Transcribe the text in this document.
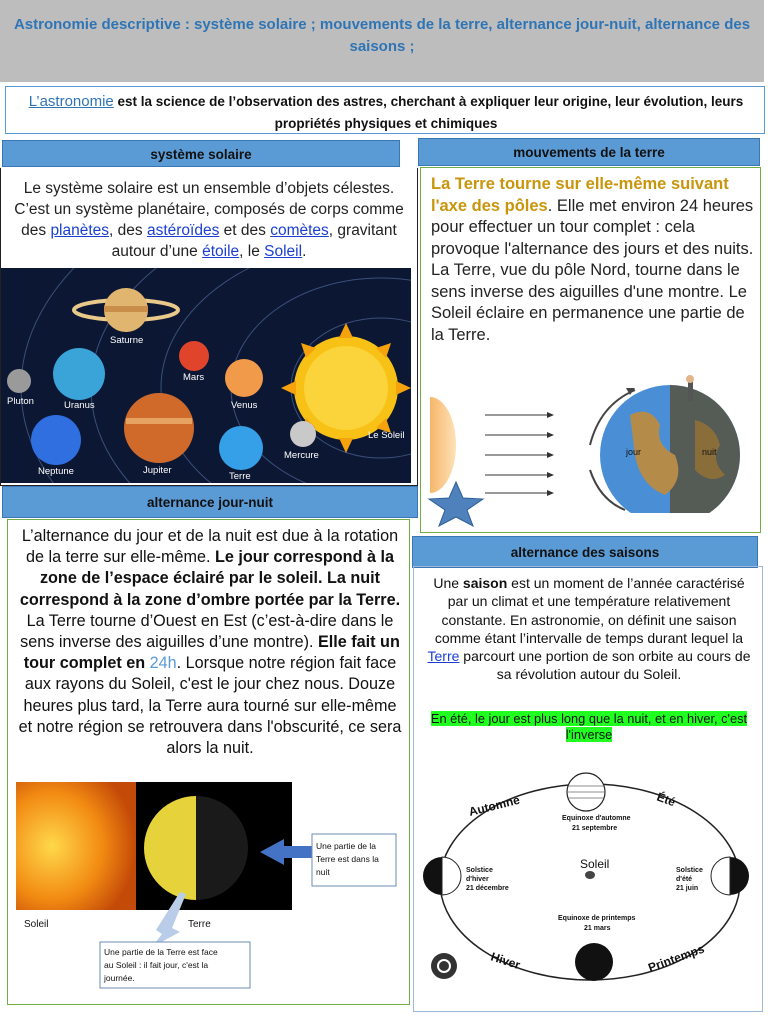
Astronomie descriptive : système solaire ; mouvements de la terre, alternance jour-nuit, alternance des saisons ;
L’astronomie est la science de l’observation des astres, cherchant à expliquer leur origine, leur évolution, leurs propriétés physiques et chimiques
système solaire	mouvements de la terre
Le système solaire est un ensemble d’objets célestes. C’est un système planétaire, composés de corps comme des planètes, des astéroïdes et des comètes, gravitant autour d’une étoile, le Soleil.
Saturne
Pluton	Uranus
Mars
Venus
Neptune	Jupiter
Terre
Mercure
Le Soleil
La Terre tourne sur elle-même suivant l'axe des pôles. Elle met environ 24 heures pour effectuer un tour complet : cela provoque l'alternance des jours et des nuits. La Terre, vue du pôle Nord, tourne dans le sens inverse des aiguilles d'une montre. Le Soleil éclaire en permanence une partie de la Terre.
jour	nuit
alternance jour-nuit
L’alternance du jour et de la nuit est due à la rotation de la terre sur elle-même. Le jour correspond à la zone de l’espace éclairé par le soleil. La nuit correspond à la zone d’ombre portée par la Terre. La Terre tourne d’Ouest en Est (c’est-à-dire dans le sens inverse des aiguilles d’une montre). Elle fait un tour complet en 24h. Lorsque notre région fait face aux rayons du Soleil, c'est le jour chez nous. Douze heures plus tard, la Terre aura tourné sur elle-même et notre région se retrouvera dans l'obscurité, ce sera alors la nuit.
Soleil	Terre
Une partie de la
Terre est dans la
nuit
Une partie de la Terre est face
au Soleil : il fait jour, c'est la
journée.
alternance des saisons
Une saison est un moment de l’année caractérisé par un climat et une température relativement constante. En astronomie, on définit une saison comme étant l’intervalle de temps durant lequel la Terre parcourt une portion de son orbite au cours de sa révolution autour du Soleil.
En été, le jour est plus long que la nuit, et en hiver, c'est l'inverse
Soleil
Automne	Été
Hiver	Printemps
Equinoxe d'automne
21 septembre
Solstice
d'hiver
21 décembre
Solstice
d'été
21 juin
Equinoxe de printemps
21 mars
